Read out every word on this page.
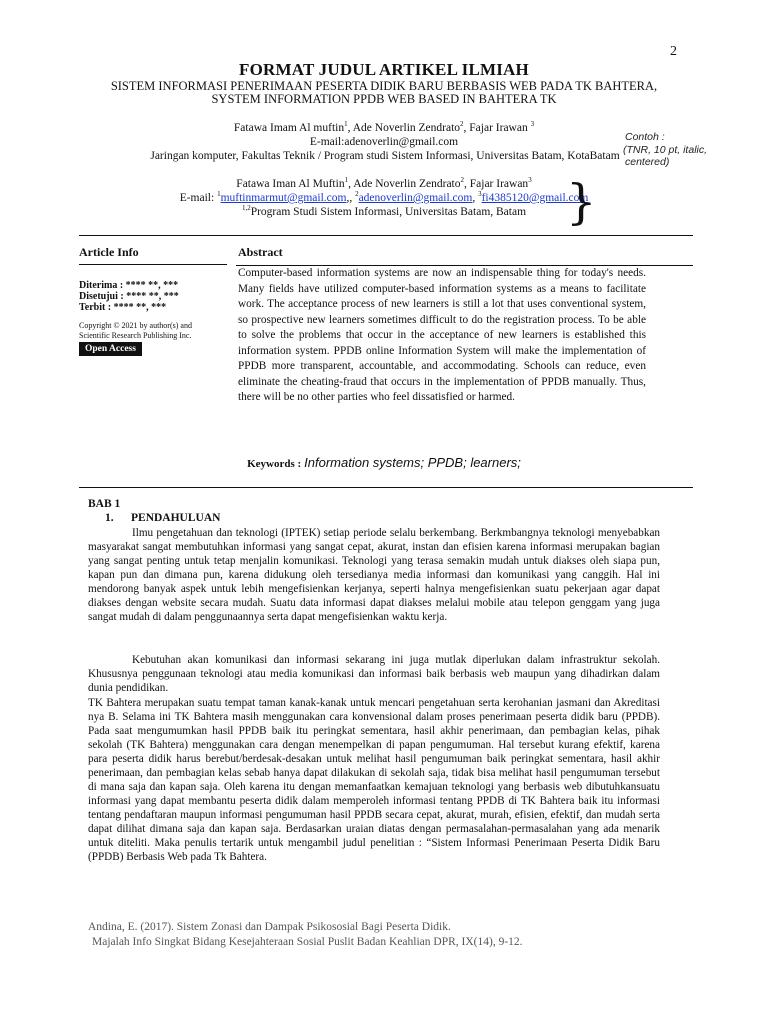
2
FORMAT JUDUL ARTIKEL ILMIAH
SISTEM INFORMASI PENERIMAAN PESERTA DIDIK BARU BERBASIS WEB PADA TK BAHTERA,
SYSTEM INFORMATION PPDB WEB BASED IN BAHTERA TK
Fatawa Imam Al muftin$^1$, Ade Noverlin Zendrato$^2$, Fajar Irawan $^3$
E-mail:adenoverlin@gmail.com
Jaringan komputer, Fakultas Teknik / Program studi Sistem Informasi, Universitas Batam, KotaBatam
Contoh :
(TNR, 10 pt, italic,
centered)
Fatawa Iman Al Muftin$^1$, Ade Noverlin Zendrato$^2$, Fajar Irawan$^3$
E-mail: $^1$muftinmarmut@gmail.com,, $^2$adenoverlin@gmail.com, $^3$fi4385120@gmail.com
$^{1,2}$Program Studi Sistem Informasi, Universitas Batam, Batam }
Article Info	Abstract
Diterima : **** **, ***
Disetujui : **** **, ***
Terbit : **** **, ***
Copyright © 2021 by author(s) and Scientific Research Publishing Inc.
Open Access
Computer-based information systems are now an indispensable thing for today's needs. Many fields have utilized computer-based information systems as a means to facilitate work. The acceptance process of new learners is still a lot that uses conventional system, so prospective new learners sometimes difficult to do the registration process. To be able to solve the problems that occur in the acceptance of new learners is established this information system. PPDB online Information System will make the implementation of PPDB more transparent, accountable, and accommodating. Schools can reduce, even eliminate the cheating-fraud that occurs in the implementation of PPDB manually. Thus, there will be no other parties who feel dissatisfied or harmed.
Keywords : Information systems; PPDB; learners;
BAB 1
1. PENDAHULUAN
Ilmu pengetahuan dan teknologi (IPTEK) setiap periode selalu berkembang. Berkmbangnya teknologi menyebabkan masyarakat sangat membutuhkan informasi yang sangat cepat, akurat, instan dan efisien karena informasi merupakan bagian yang sangat penting untuk tetap menjalin komunikasi. Teknologi yang terasa semakin mudah untuk diakses oleh siapa pun, kapan pun dan dimana pun, karena didukung oleh tersedianya media informasi dan komunikasi yang canggih. Hal ini mendorong banyak aspek untuk lebih mengefisienkan kerjanya, seperti halnya mengefisienkan suatu pekerjaan agar dapat diakses dengan website secara mudah. Suatu data informasi dapat diakses melalui mobile atau telepon genggam yang juga sangat mudah di dalam penggunaannya serta dapat mengefisienkan waktu kerja.
Kebutuhan akan komunikasi dan informasi sekarang ini juga mutlak diperlukan dalam infrastruktur sekolah. Khususnya penggunaan teknologi atau media komunikasi dan informasi baik berbasis web maupun yang dihadirkan dalam dunia pendidikan.
TK Bahtera merupakan suatu tempat taman kanak-kanak untuk mencari pengetahuan serta kerohanian jasmani dan Akreditasi nya B. Selama ini TK Bahtera masih menggunakan cara konvensional dalam proses penerimaan peserta didik baru (PPDB). Pada saat mengumumkan hasil PPDB baik itu peringkat sementara, hasil akhir penerimaan, dan pembagian kelas, pihak sekolah (TK Bahtera) menggunakan cara dengan menempelkan di papan pengumuman. Hal tersebut kurang efektif, karena para peserta didik harus berebut/berdesak-desakan untuk melihat hasil pengumuman baik peringkat sementara, hasil akhir penerimaan, dan pembagian kelas sebab hanya dapat dilakukan di sekolah saja, tidak bisa melihat hasil pengumuman tersebut di mana saja dan kapan saja. Oleh karena itu dengan memanfaatkan kemajuan teknologi yang berbasis web dibutuhkansuatu informasi yang dapat membantu peserta didik dalam memperoleh informasi tentang PPDB di TK Bahtera baik itu informasi tentang pendaftaran maupun informasi pengumuman hasil PPDB secara cepat, akurat, murah, efisien, efektif, dan mudah serta dapat dilihat dimana saja dan kapan saja. Berdasarkan uraian diatas dengan permasalahan-permasalahan yang ada menarik untuk diteliti. Maka penulis tertarik untuk mengambil judul penelitian : “Sistem Informasi Penerimaan Peserta Didik Baru (PPDB) Berbasis Web pada Tk Bahtera.
Andina, E. (2017). Sistem Zonasi dan Dampak Psikososial Bagi Peserta Didik.
Majalah Info Singkat Bidang Kesejahteraan Sosial Puslit Badan Keahlian DPR, IX(14), 9-12.
